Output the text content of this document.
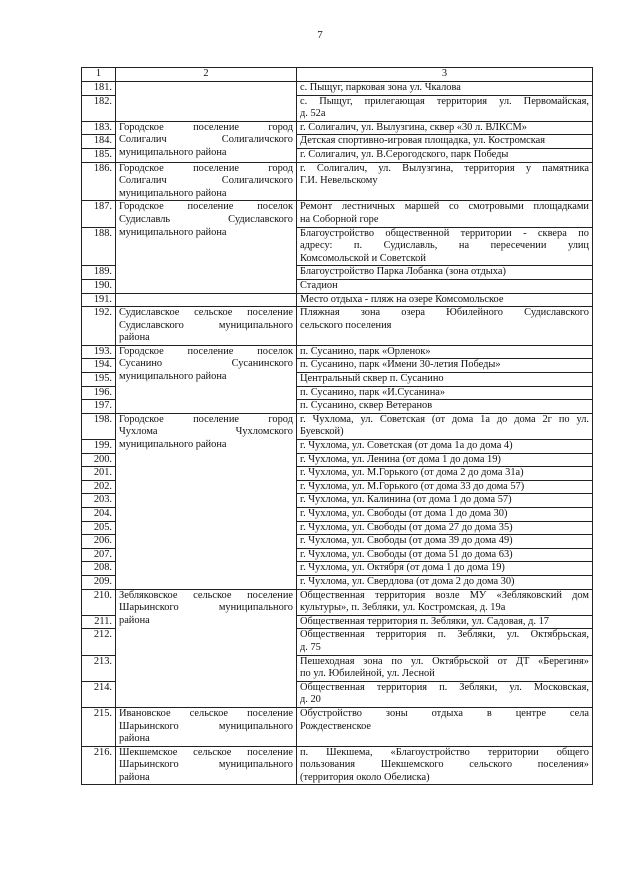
7
1	2	3
181.		с. Пыщуг, парковая зона ул. Чкалова

182.		с. Пыщуг, прилегающая территория ул. Первомайская,
д. 52а

183.	Городское поселение город
Солигалич Солигаличского
муниципального района	г. Солигалич, ул. Вылузгина, сквер «30 л. ВЛКСМ»

184.		Детская спортивно-игровая площадка, ул. Костромская

185.		г. Солигалич, ул. В.Серогодского, парк Победы

186.	Городское поселение город
Солигалич Солигаличского
муниципального района	г. Солигалич, ул. Вылузгина, территория у памятника
Г.И. Невельскому

187.	Городское поселение поселок
Судиславль Судиславского
муниципального района	Ремонт лестничных маршей со смотровыми площадками
на Соборной горе

188.		Благоустройство общественной территории - сквера по
адресу: п. Судиславль, на пересечении улиц
Комсомольской и Советской

189.		Благоустройство Парка Лобанка (зона отдыха)

190.		Стадион

191.		Место отдыха - пляж на озере Комсомольское

192.	Судиславское сельское поселение
Судиславского муниципального
района	Пляжная зона озера Юбилейного Судиславского
сельского поселения

193.	Городское поселение поселок
Сусанино Сусанинского
муниципального района	п. Сусанино, парк «Орленок»

194.		п. Сусанино, парк «Имени 30-летия Победы»

195.		Центральный сквер п. Сусанино

196.		п. Сусанино, парк «И.Сусанина»

197.		п. Сусанино, сквер Ветеранов

198.	Городское поселение город
Чухлома Чухломского
муниципального района	г. Чухлома, ул. Советская (от дома 1а до дома 2г по ул.
Буевской)

199.		г. Чухлома, ул. Советская (от дома 1а до дома 4)

200.		г. Чухлома, ул. Ленина (от дома 1 до дома 19)

201.		г. Чухлома, ул. М.Горького (от дома 2 до дома 31а)

202.		г. Чухлома, ул. М.Горького (от дома 33 до дома 57)

203.		г. Чухлома, ул. Калинина (от дома 1 до дома 57)

204.		г. Чухлома, ул. Свободы (от дома 1 до дома 30)

205.		г. Чухлома, ул. Свободы (от дома 27 до дома 35)

206.		г. Чухлома, ул. Свободы (от дома 39 до дома 49)

207.		г. Чухлома, ул. Свободы (от дома 51 до дома 63)

208.		г. Чухлома, ул. Октября (от дома 1 до дома 19)

209.		г. Чухлома, ул. Свердлова (от дома 2 до дома 30)

210.	Зебляковское сельское поселение
Шарьинского муниципального
района	Общественная территория возле МУ «Зебляковский дом
культуры», п. Зебляки, ул. Костромская, д. 19а

211.		Общественная территория п. Зебляки, ул. Садовая, д. 17

212.		Общественная территория п. Зебляки, ул. Октябрьская,
д. 75

213.		Пешеходная зона по ул. Октябрьской от ДТ «Берегиня»
по ул. Юбилейной, ул. Лесной

214.		Общественная территория п. Зебляки, ул. Московская,
д. 20

215.	Ивановское сельское поселение
Шарьинского муниципального
района	Обустройство зоны отдыха в центре села
Рождественское

216.	Шекшемское сельское поселение
Шарьинского муниципального
района	п. Шекшема, «Благоустройство территории общего
пользования Шекшемского сельского поселения»
(территория около Обелиска)
